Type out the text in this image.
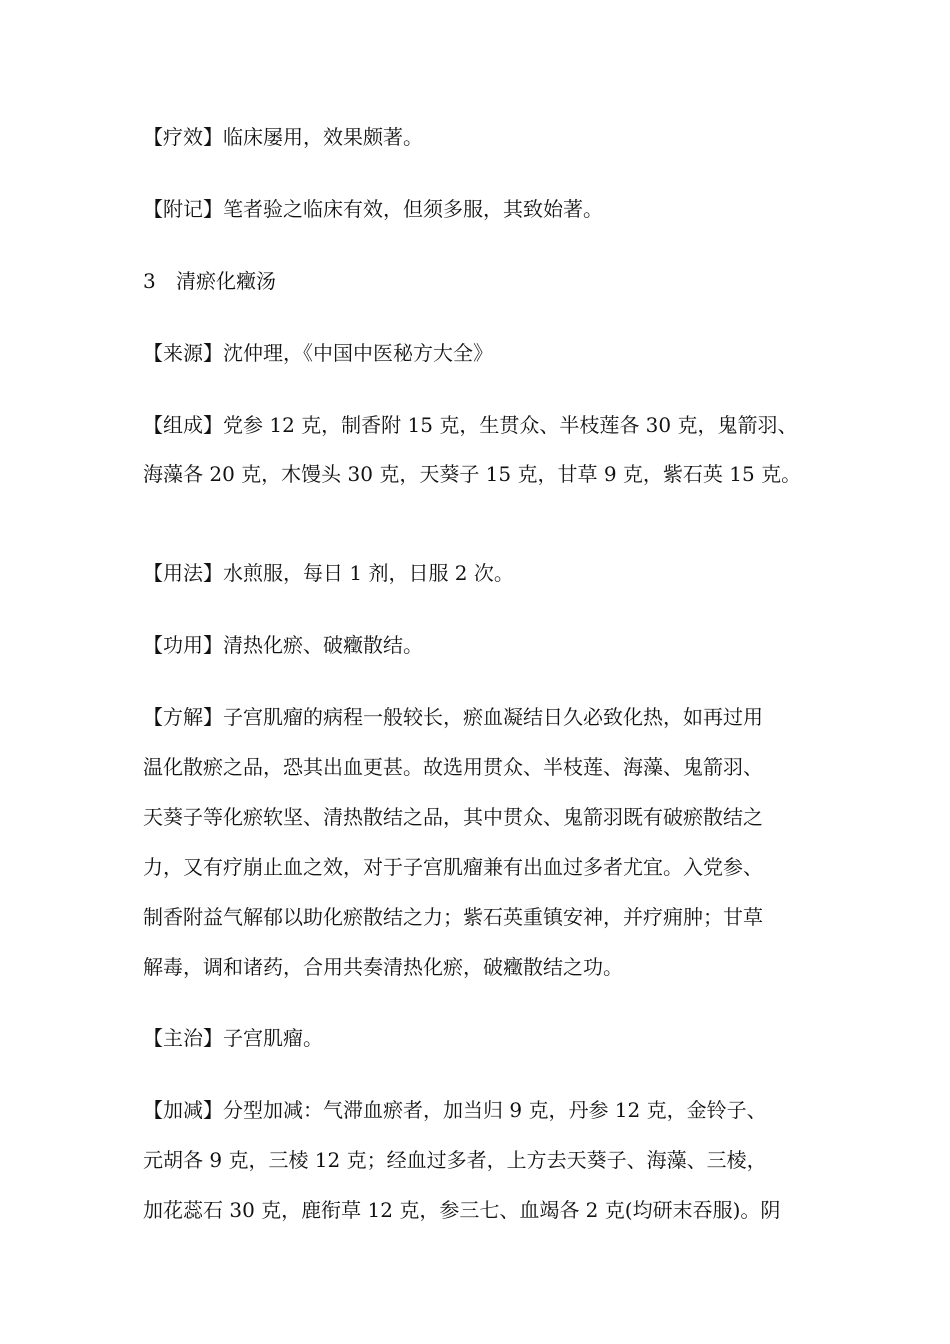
【疗效】临床屡用，效果颇著。
【附记】笔者验之临床有效，但须多服，其致始著。
3 清瘀化癥汤
【来源】沈仲理，《中国中医秘方大全》
【组成】党参 12 克，制香附 15 克，生贯众、半枝莲各 30 克，鬼箭羽、
海藻各 20 克，木馒头 30 克，天葵子 15 克，甘草 9 克，紫石英 15 克。
【用法】水煎服，每日 1 剂，日服 2 次。
【功用】清热化瘀、破癥散结。
【方解】子宫肌瘤的病程一般较长，瘀血凝结日久必致化热，如再过用
温化散瘀之品，恐其出血更甚。故选用贯众、半枝莲、海藻、鬼箭羽、
天葵子等化瘀软坚、清热散结之品，其中贯众、鬼箭羽既有破瘀散结之
力，又有疗崩止血之效，对于子宫肌瘤兼有出血过多者尤宜。入党参、
制香附益气解郁以助化瘀散结之力；紫石英重镇安神，并疗痈肿；甘草
解毒，调和诸药，合用共奏清热化瘀，破癥散结之功。
【主治】子宫肌瘤。
【加减】分型加减：气滞血瘀者，加当归 9 克，丹参 12 克，金铃子、
元胡各 9 克，三棱 12 克；经血过多者，上方去天葵子、海藻、三棱，
加花蕊石 30 克，鹿衔草 12 克，参三七、血竭各 2 克(均研末吞服)。阴
